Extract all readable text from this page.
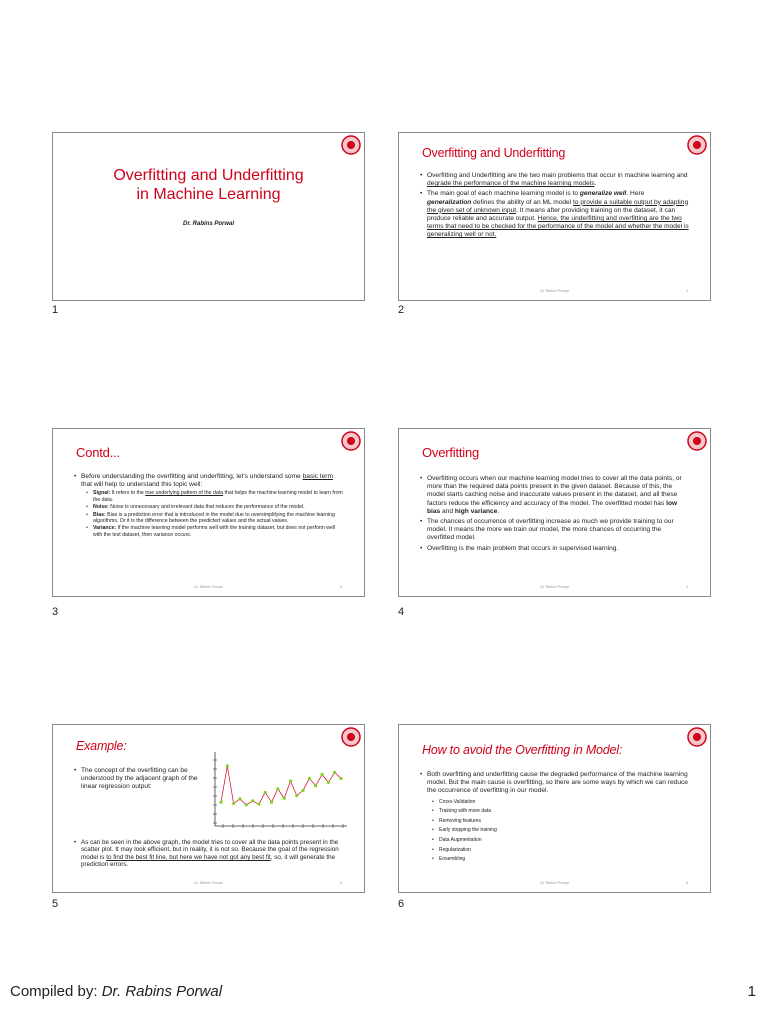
Overfitting and Underfitting
in Machine Learning
Dr. Rabins Porwal
1
Overfitting and Underfitting
• Overfitting and Underfitting are the two main problems that occur in machine learning and degrade the performance of the machine learning models.
• The main goal of each machine learning model is to generalize well. Here generalization defines the ability of an ML model to provide a suitable output by adapting the given set of unknown input. It means after providing training on the dataset, it can produce reliable and accurate output. Hence, the underfitting and overfitting are the two terms that need to be checked for the performance of the model and whether the model is generalizing well or not.
Dr. Rabins Porwal	2
2
Contd...
• Before understanding the overfitting and underfitting, let's understand some basic term that will help to understand this topic well:
• Signal: It refers to the true underlying pattern of the data that helps the machine learning model to learn from the data.
• Noise: Noise is unnecessary and irrelevant data that reduces the performance of the model.
• Bias: Bias is a prediction error that is introduced in the model due to oversimplifying the machine learning algorithms. Or it is the difference between the predicted values and the actual values.
• Variance: If the machine learning model performs well with the training dataset, but does not perform well with the test dataset, then variance occurs.
Dr. Rabins Porwal	3
3
Overfitting
• Overfitting occurs when our machine learning model tries to cover all the data points, or more than the required data points present in the given dataset. Because of this, the model starts caching noise and inaccurate values present in the dataset, and all these factors reduce the efficiency and accuracy of the model. The overfitted model has low bias and high variance.
• The chances of occurrence of overfitting increase as much we provide training to our model. It means the more we train our model, the more chances of occurring the overfitted model.
• Overfitting is the main problem that occurs in supervised learning.
Dr. Rabins Porwal	4
4
Example:
• The concept of the overfitting can be understood by the adjacent graph of the linear regression output:
• As can be seen in the above graph, the model tries to cover all the data points present in the scatter plot. It may look efficient, but in reality, it is not so. Because the goal of the regression model is to find the best fit line, but here we have not got any best fit, so, it will generate the prediction errors.
Dr. Rabins Porwal	5
5
How to avoid the Overfitting in Model:
• Both overfitting and underfitting cause the degraded performance of the machine learning model. But the main cause is overfitting, so there are some ways by which we can reduce the occurrence of overfitting in our model.
• Cross-Validation
• Training with more data
• Removing features
• Early stopping the training
• Data Augmentation
• Regularization
• Ensembling
Dr. Rabins Porwal	6
6
Compiled by: Dr. Rabins Porwal	1
